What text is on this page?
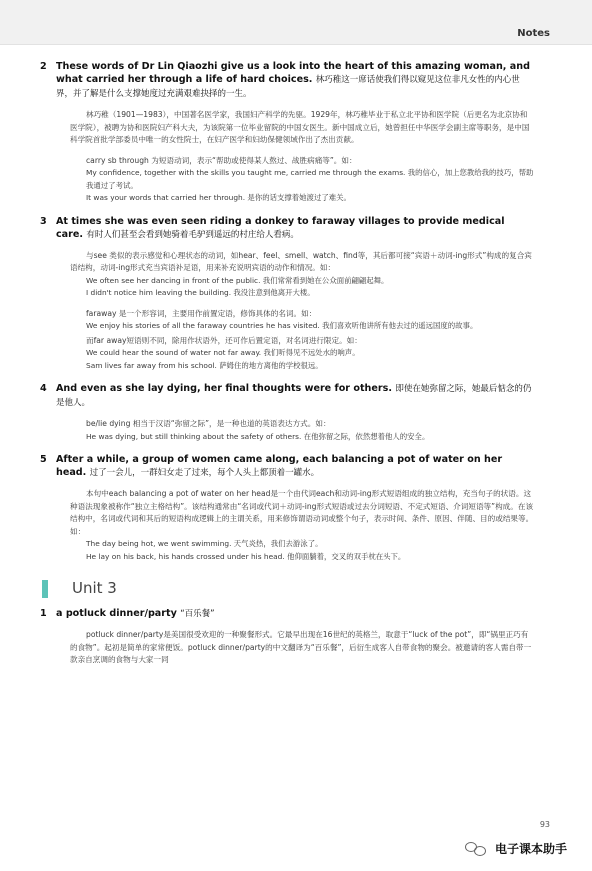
Notes
2 These words of Dr Lin Qiaozhi give us a look into the heart of this amazing woman, and what carried her through a life of hard choices. 林巧稚这一席话使我们得以窥见这位非凡女性的内心世界，并了解是什么支撑她度过充满艰难抉择的一生。
林巧稚（1901—1983），中国著名医学家，我国妇产科学的先驱。1929年，林巧稚毕业于私立北平协和医学院（后更名为北京协和医学院），被聘为协和医院妇产科大夫，为该院第一位毕业留院的中国女医生。新中国成立后，她曾担任中华医学会副主席等职务，是中国科学院首批学部委员中唯一的女性院士，在妇产医学和妇幼保健领域作出了杰出贡献。
carry sb through 为短语动词，表示“帮助或使得某人熬过、战胜病痛等”。如：
My confidence, together with the skills you taught me, carried me through the exams. 我的信心，加上您教给我的技巧，帮助我通过了考试。
It was your words that carried her through. 是你的话支撑着她渡过了难关。
3 At times she was even seen riding a donkey to faraway villages to provide medical care. 有时人们甚至会看到她骑着毛驴到遥远的村庄给人看病。
与see 类似的表示感觉和心理状态的动词，如hear、feel、smell、watch、find等，其后都可接“宾语＋动词-ing形式”构成的复合宾语结构，动词-ing形式充当宾语补足语，用来补充说明宾语的动作和情况。如：
We often see her dancing in front of the public. 我们常常看到她在公众面前翩翩起舞。
I didn't notice him leaving the building. 我没注意到他离开大楼。
faraway 是一个形容词，主要用作前置定语，修饰具体的名词。如：
We enjoy his stories of all the faraway countries he has visited. 我们喜欢听他讲所有他去过的遥远国度的故事。
而far away短语则不同，除用作状语外，还可作后置定语，对名词进行限定。如：
We could hear the sound of water not far away. 我们听得见不远处水的响声。
Sam lives far away from his school. 萨姆住的地方离他的学校很远。
4 And even as she lay dying, her final thoughts were for others. 即使在她弥留之际，她最后惦念的仍是他人。
be/lie dying 相当于汉语“弥留之际”，是一种也道的英语表达方式。如：
He was dying, but still thinking about the safety of others. 在他弥留之际，依然想着他人的安全。
5 After a while, a group of women came along, each balancing a pot of water on her head. 过了一会儿，一群妇女走了过来，每个人头上都顶着一罐水。
本句中each balancing a pot of water on her head是一个由代词each和动词-ing形式短语组成的独立结构，充当句子的状语。这种语法现象被称作“独立主格结构”。该结构通常由“名词或代词＋动词-ing形式短语或过去分词短语、不定式短语、介词短语等”构成。在该结构中，名词或代词和其后的短语构成逻辑上的主谓关系，用来修饰谓语动词或整个句子，表示时间、条件、原因、伴随、目的或结果等。如：
The day being hot, we went swimming. 天气炎热，我们去游泳了。
He lay on his back, his hands crossed under his head. 他仰面躺着，交叉的双手枕在头下。
Unit 3
1 a potluck dinner/party “百乐餐”
potluck dinner/party是美国很受欢迎的一种聚餐形式。它最早出现在16世纪的英格兰，取意于“luck of the pot”，即“锅里正巧有的食物”。起初是简单的家常便饭。potluck dinner/party的中文翻译为“百乐餐”，后衍生成客人自带食物的聚会。被邀请的客人需自带一款亲自烹调的食物与大家一同
93
电子课本助手
